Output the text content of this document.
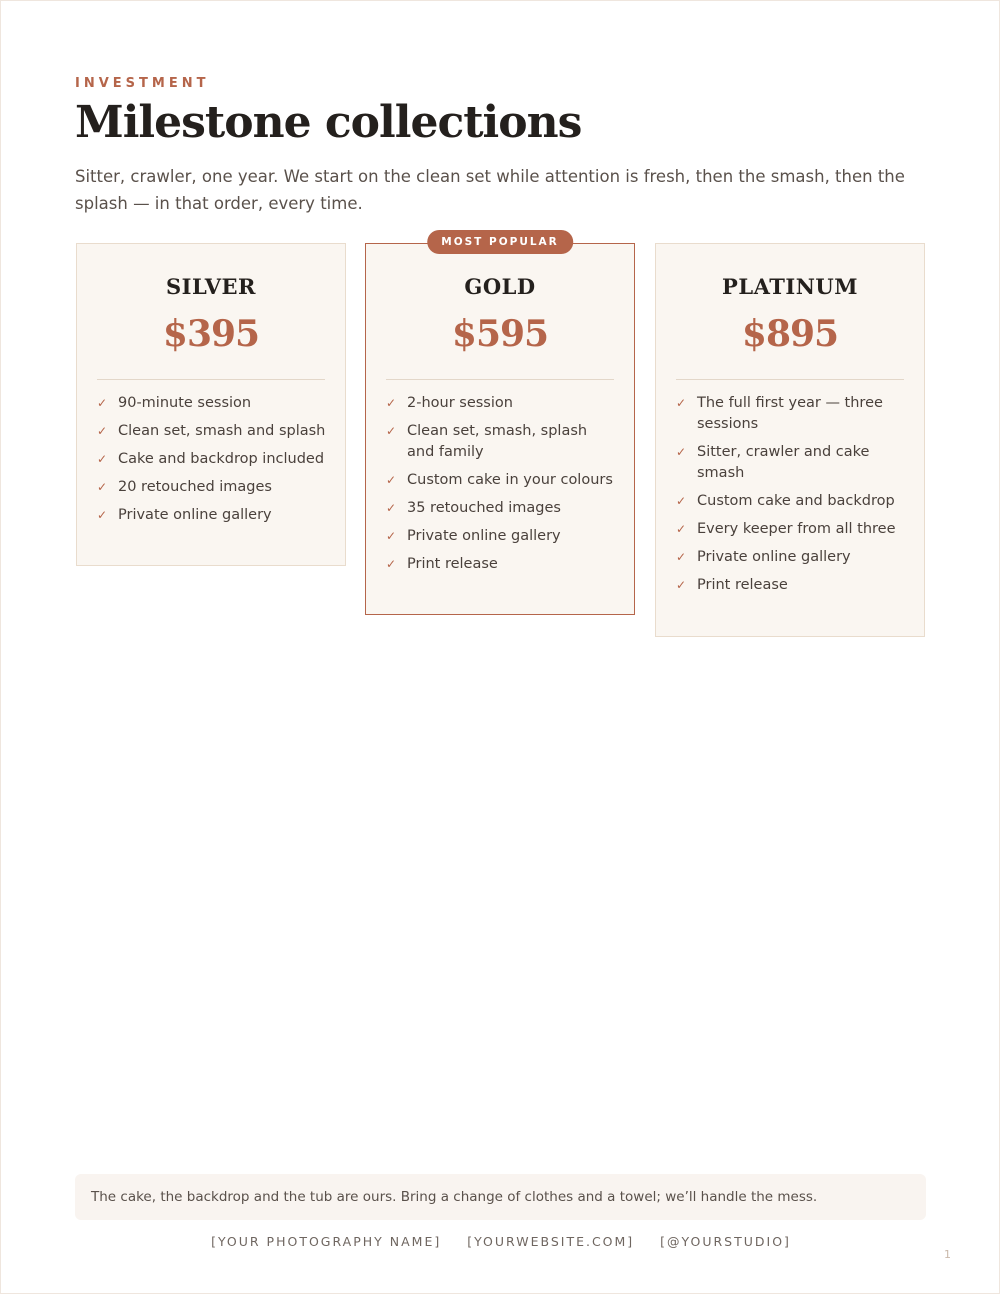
INVESTMENT
Milestone collections

Sitter, crawler, one year. We start on the clean set while attention is fresh, then the smash, then the splash — in that order, every time.

SILVER
$395
✓ 90-minute session
✓ Clean set, smash and splash
✓ Cake and backdrop included
✓ 20 retouched images
✓ Private online gallery
MOST POPULAR
GOLD
$595
✓ 2-hour session
✓ Clean set, smash, splash and family
✓ Custom cake in your colours
✓ 35 retouched images
✓ Private online gallery
✓ Print release
PLATINUM
$895
✓ The full first year — three sessions
✓ Sitter, crawler and cake smash
✓ Custom cake and backdrop
✓ Every keeper from all three
✓ Private online gallery
✓ Print release
The cake, the backdrop and the tub are ours. Bring a change of clothes and a towel; we’ll handle the mess.
[YOUR PHOTOGRAPHY NAME] [YOURWEBSITE.COM] [@YOURSTUDIO]
1
